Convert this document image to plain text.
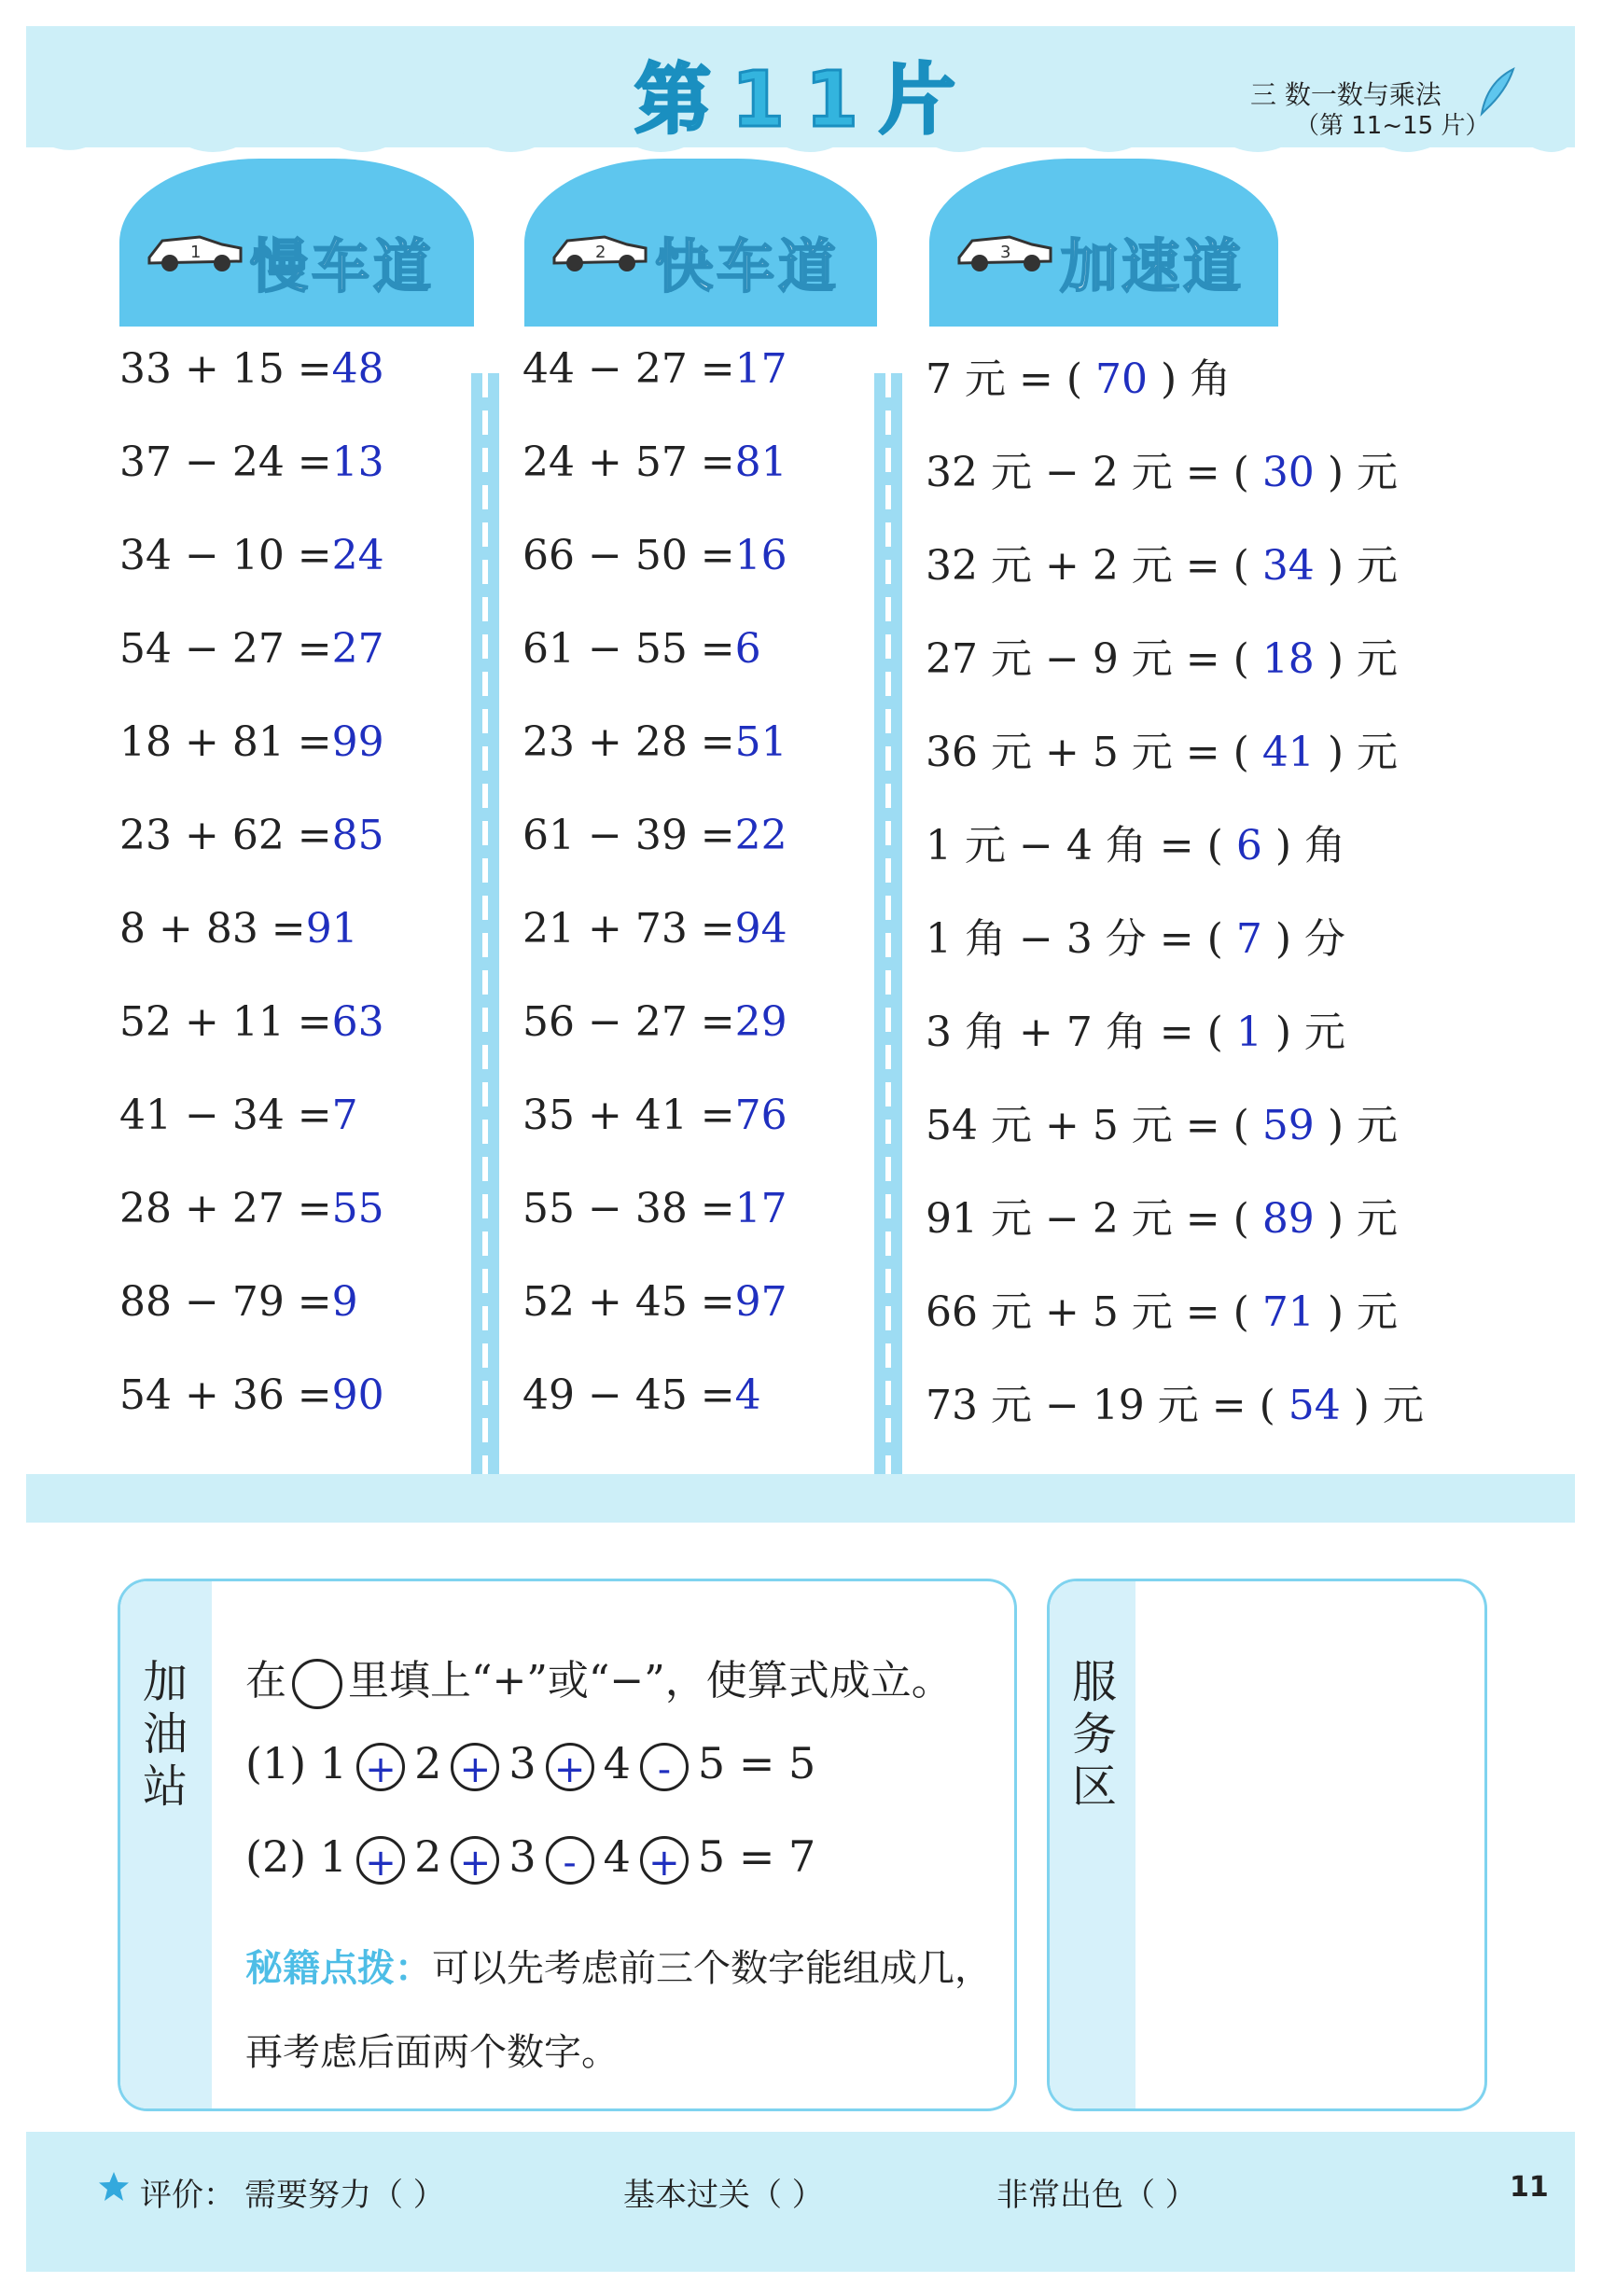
第11片	三 数一数与乘法
（第 11~15 片）
1 慢车道	2 快车道	3 加速道
33 + 15 =48
37 − 24 =13
34 − 10 =24
54 − 27 =27
18 + 81 =99
23 + 62 =85
8 + 83 =91
52 + 11 =63
41 − 34 =7
28 + 27 =55
88 − 79 =9
54 + 36 =90
44 − 27 =17
24 + 57 =81
66 − 50 =16
61 − 55 =6
23 + 28 =51
61 − 39 =22
21 + 73 =94
56 − 27 =29
35 + 41 =76
55 − 38 =17
52 + 45 =97
49 − 45 =4
7 元 = ( 70 ) 角
32 元 − 2 元 = ( 30 ) 元
32 元 + 2 元 = ( 34 ) 元
27 元 − 9 元 = ( 18 ) 元
36 元 + 5 元 = ( 41 ) 元
1 元 − 4 角 = ( 6 ) 角
1 角 − 3 分 = ( 7 ) 分
3 角 + 7 角 = ( 1 ) 元
54 元 + 5 元 = ( 59 ) 元
91 元 − 2 元 = ( 89 ) 元
66 元 + 5 元 = ( 71 ) 元
73 元 − 19 元 = ( 54 ) 元
加油站
在 里填上“+”或“−”，使算式成立。
(1) 1 + 2 + 3 + 4 - 5 = 5
(2) 1 + 2 + 3 - 4 + 5 = 7
秘籍点拨：可以先考虑前三个数字能组成几，再考虑后面两个数字。
服务区
评价： 需要努力（ ）	基本过关（ ）	非常出色（ ）	11
